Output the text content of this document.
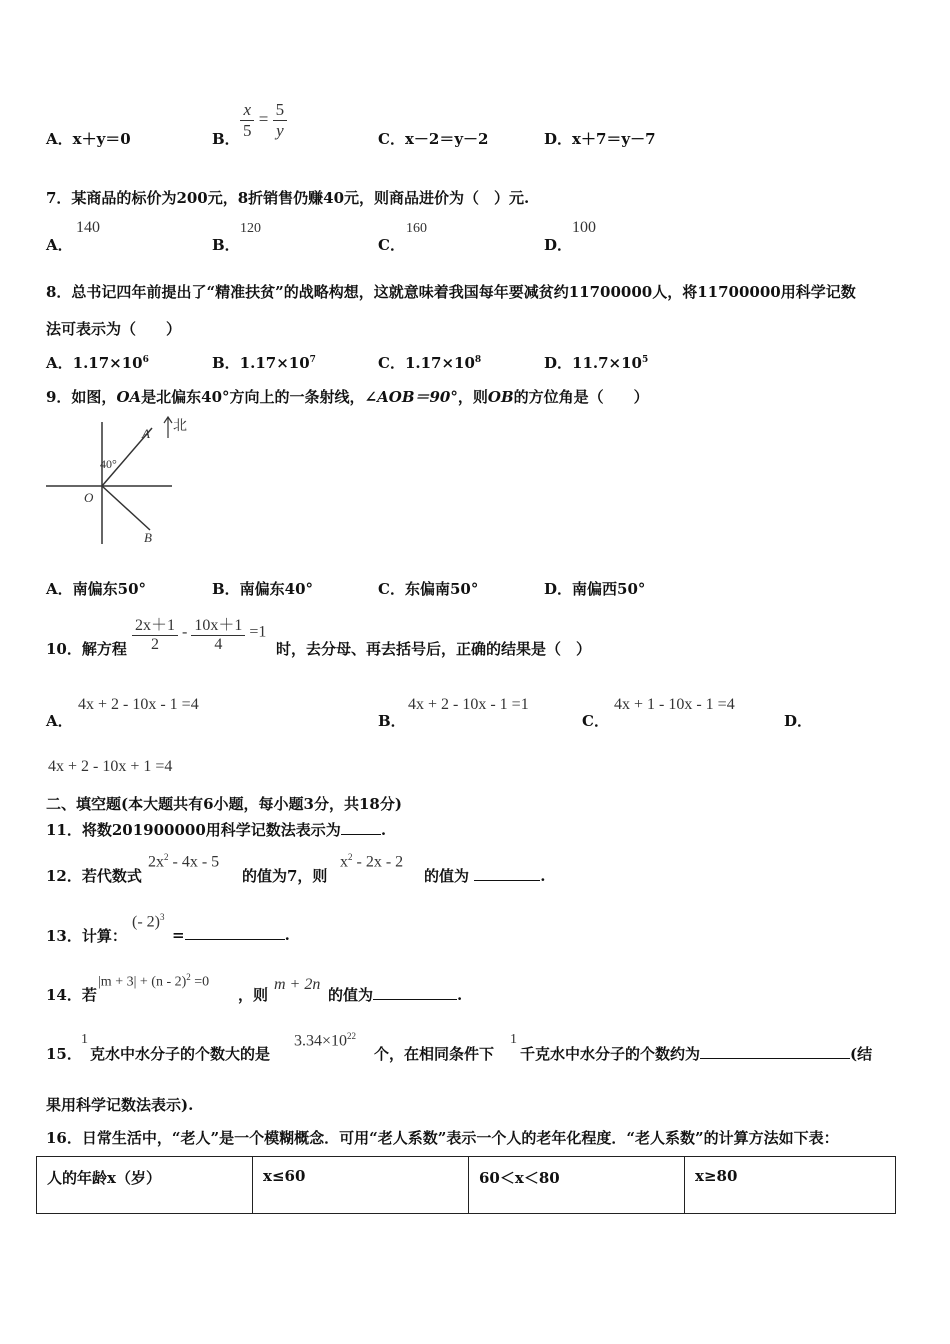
A．x＋y＝0	B． $\frac{x}{5} = \frac{5}{y}$	C．x－2＝y－2	D．x＋7＝y－7
7．某商品的标价为200元，8折销售仍赚40元，则商品进价为（　）元.
A．
140
B．
120
C．
160
D．
100
8．总书记四年前提出了“精准扶贫”的战略构想，这就意味着我国每年要减贫约11700000人，将11700000用科学记数
法可表示为（　　）
A．$1.17\times 10^6$	B．$1.17\times 10^7$	C．$1.17\times 10^8$	D．$11.7\times 10^5$
9．如图，OA是北偏东40°方向上的一条射线，∠AOB＝90°，则OB的方位角是（　　）
北
A
40°
O
B
A．南偏东50°	B．南偏东40°	C．东偏南50°	D．南偏西50°
10．解方程 $\frac{2x+1}{2} - \frac{10x+1}{4} =1$
时，去分母、再去括号后，正确的结果是（　）
A．
4x + 2 - 10x - 1 =4
B．
4x + 2 - 10x - 1 =1
C．
4x + 1 - 10x - 1 =4
D．
4x + 2 - 10x + 1 =4
二、填空题(本大题共有6小题，每小题3分，共18分)
11．将数201900000用科学记数法表示为	.
12．若代数式
$2x^2 - 4x - 5$
的值为7，则
$x^2 - 2x - 2$
的值为	.
13．计算：
(- 2)$^3$
=	.
14．若
|m + 3| + (n - 2)$^2$ =0
，则
m + 2n
的值为	.
15．
1
克水中水分子的个数大的是
$3.34\times 10^{22}$
个，在相同条件下
1
千克水中水分子的个数约为	(结
果用科学记数法表示).
16．日常生活中，“老人”是一个模糊概念．可用“老人系数”表示一个人的老年化程度．“老人系数”的计算方法如下表：
人的年龄x（岁）	x≤60	60＜x＜80	x≥80
